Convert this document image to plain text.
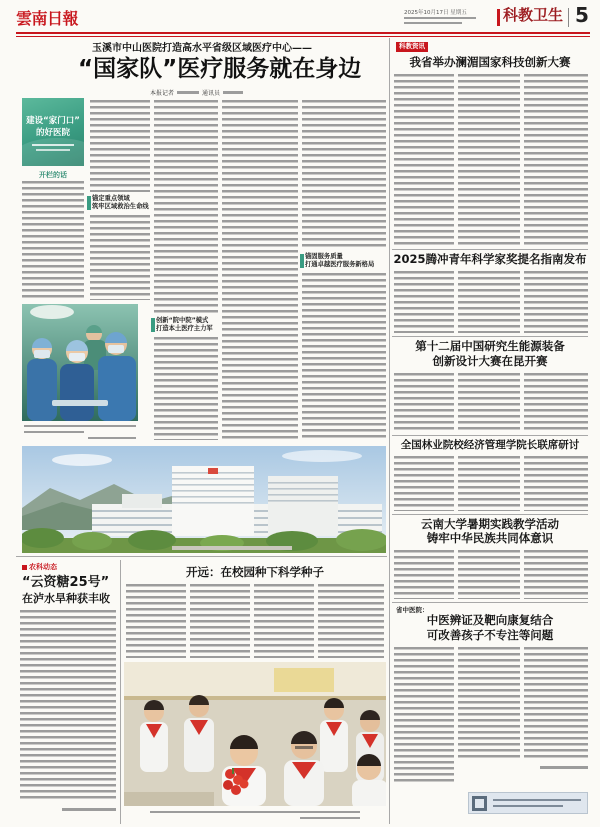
雲南日報	2025年10月17日 星期五 科教卫生 5
玉溪市中山医院打造高水平省级区域医疗中心——
“国家队”医疗服务就在身边
本报记者	通讯员
建设“家门口”
的好医院
开栏的话
锚定重点领域
筑牢区域救治生命线
创新“院中院”模式
打造本土医疗主力军
锚固服务质量
打通卓越医疗服务新格局
农科动态
“云资糖25号”
在泸水旱种获丰收
开远：在校园种下科学种子
科教资讯
我省举办澜湄国家科技创新大赛
2025腾冲青年科学家奖提名指南发布
第十二届中国研究生能源装备
创新设计大赛在昆开赛
全国林业院校经济管理学院长联席研讨
云南大学暑期实践教学活动
铸牢中华民族共同体意识
省中医院：
中医辨证及靶向康复结合
可改善孩子不专注等问题
